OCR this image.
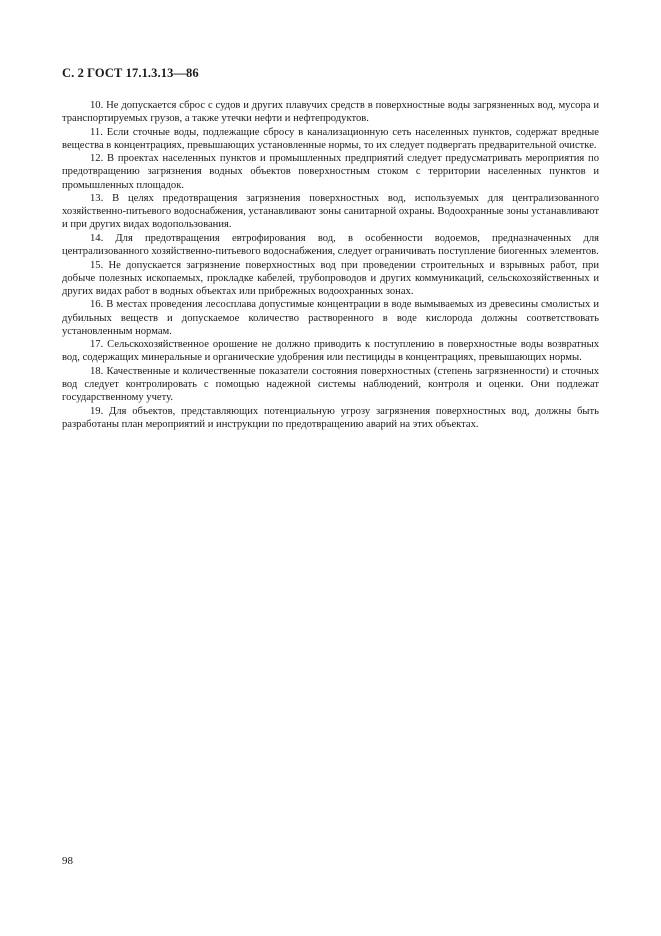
С. 2 ГОСТ 17.1.3.13—86

10. Не допускается сброс с судов и других плавучих средств в поверхностные воды загрязненных вод, мусора и транспортируемых грузов, а также утечки нефти и нефтепродуктов.

11. Если сточные воды, подлежащие сбросу в канализационную сеть населенных пунктов, содержат вредные вещества в концентрациях, превышающих установленные нормы, то их следует подвергать предварительной очистке.

12. В проектах населенных пунктов и промышленных предприятий следует предусматривать мероприятия по предотвращению загрязнения водных объектов поверхностным стоком с территории населенных пунктов и промышленных площадок.

13. В целях предотвращения загрязнения поверхностных вод, используемых для централизованного хозяйственно-питьевого водоснабжения, устанавливают зоны санитарной охраны. Водоохранные зоны устанавливают и при других видах водопользования.

14. Для предотвращения евтрофирования вод, в особенности водоемов, предназначенных для централизованного хозяйственно-питьевого водоснабжения, следует ограничивать поступление биогенных элементов.

15. Не допускается загрязнение поверхностных вод при проведении строительных и взрывных работ, при добыче полезных ископаемых, прокладке кабелей, трубопроводов и других коммуникаций, сельскохозяйственных и других видах работ в водных объектах или прибрежных водоохранных зонах.

16. В местах проведения лесосплава допустимые концентрации в воде вымываемых из древесины смолистых и дубильных веществ и допускаемое количество растворенного в воде кислорода должны соответствовать установленным нормам.

17. Сельскохозяйственное орошение не должно приводить к поступлению в поверхностные воды возвратных вод, содержащих минеральные и органические удобрения или пестициды в концентрациях, превышающих нормы.

18. Качественные и количественные показатели состояния поверхностных (степень загрязненности) и сточных вод следует контролировать с помощью надежной системы наблюдений, контроля и оценки. Они подлежат государственному учету.

19. Для объектов, представляющих потенциальную угрозу загрязнения поверхностных вод, должны быть разработаны план мероприятий и инструкции по предотвращению аварий на этих объектах.

98
